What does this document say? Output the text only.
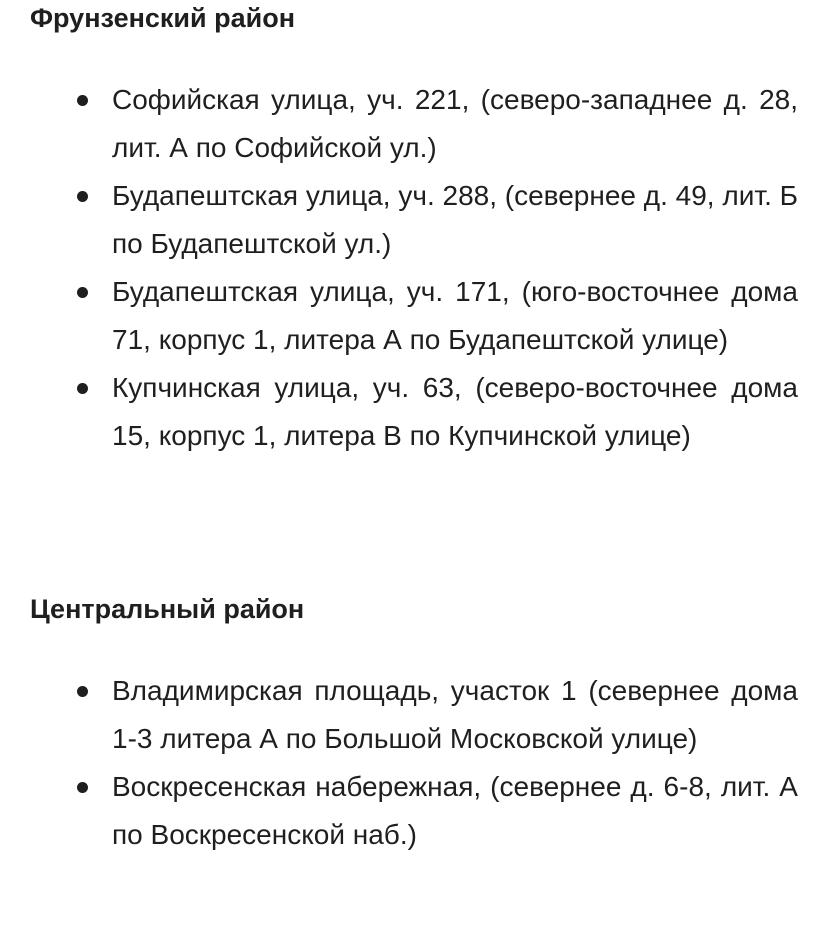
Фрунзенский район
Софийская улица, уч. 221, (северо-западнее д. 28, лит. А по Софийской ул.)
Будапештская улица, уч. 288, (севернее д. 49, лит. Б по Будапештской ул.)
Будапештская улица, уч. 171, (юго-восточнее дома 71, корпус 1, литера А по Будапештской улице)
Купчинская улица, уч. 63, (северо-восточнее дома 15, корпус 1, литера В по Купчинской улице)
Центральный район
Владимирская площадь, участок 1 (севернее дома 1-3 литера А по Большой Московской улице)
Воскресенская набережная, (севернее д. 6-8, лит. А по Воскресенской наб.)
